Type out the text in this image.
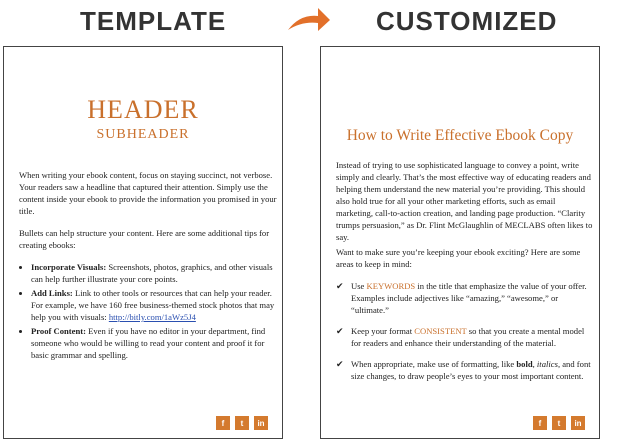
TEMPLATE	CUSTOMIZED
HEADER
SUBHEADER

When writing your ebook content, focus on staying succinct, not verbose. Your readers saw a headline that captured their attention. Simply use the content inside your ebook to provide the information you promised in your title.

Bullets can help structure your content. Here are some additional tips for creating ebooks:

• Incorporate Visuals: Screenshots, photos, graphics, and other visuals can help further illustrate your core points.
• Add Links: Link to other tools or resources that can help your reader. For example, we have 160 free business-themed stock photos that may help you with visuals: http://bitly.com/1aWz5J4
• Proof Content: Even if you have no editor in your department, find someone who would be willing to read your content and proof it for basic grammar and spelling.
f	t	in
How to Write Effective Ebook Copy

Instead of trying to use sophisticated language to convey a point, write simply and clearly. That’s the most effective way of educating readers and helping them understand the new material you’re providing. This should also hold true for all your other marketing efforts, such as email marketing, call-to-action creation, and landing page production. “Clarity trumps persuasion,” as Dr. Flint McGlaughlin of MECLABS often likes to say.

Want to make sure you’re keeping your ebook exciting? Here are some areas to keep in mind:

✔ Use KEYWORDS in the title that emphasize the value of your offer. Examples include adjectives like “amazing,” “awesome,” or “ultimate.”
✔ Keep your format CONSISTENT so that you create a mental model for readers and enhance their understanding of the material.
✔ When appropriate, make use of formatting, like bold, italics, and font size changes, to draw people’s eyes to your most important content.
f	t	in
